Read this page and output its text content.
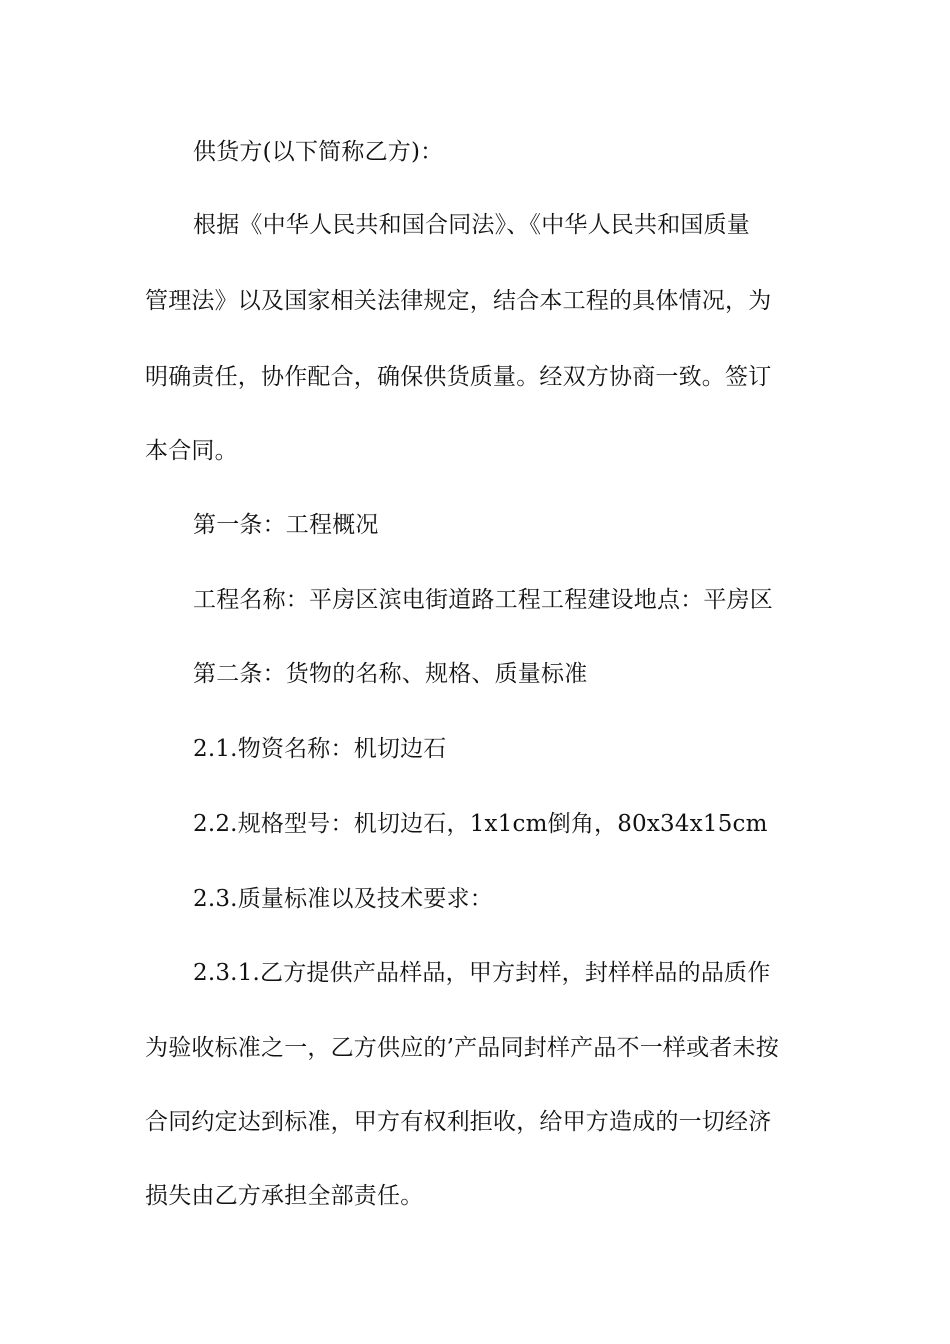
供货方(以下简称乙方)：

根据《中华人民共和国合同法》、《中华人民共和国质量

管理法》以及国家相关法律规定，结合本工程的具体情况，为

明确责任，协作配合，确保供货质量。经双方协商一致。签订

本合同。

第一条：工程概况

工程名称：平房区滨电街道路工程工程建设地点：平房区

第二条：货物的名称、规格、质量标准

2.1.物资名称：机切边石

2.2.规格型号：机切边石，1x1cm倒角，80x34x15cm

2.3.质量标准以及技术要求：

2.3.1.乙方提供产品样品，甲方封样，封样样品的品质作

为验收标准之一，乙方供应的’产品同封样产品不一样或者未按

合同约定达到标准，甲方有权利拒收，给甲方造成的一切经济

损失由乙方承担全部责任。
